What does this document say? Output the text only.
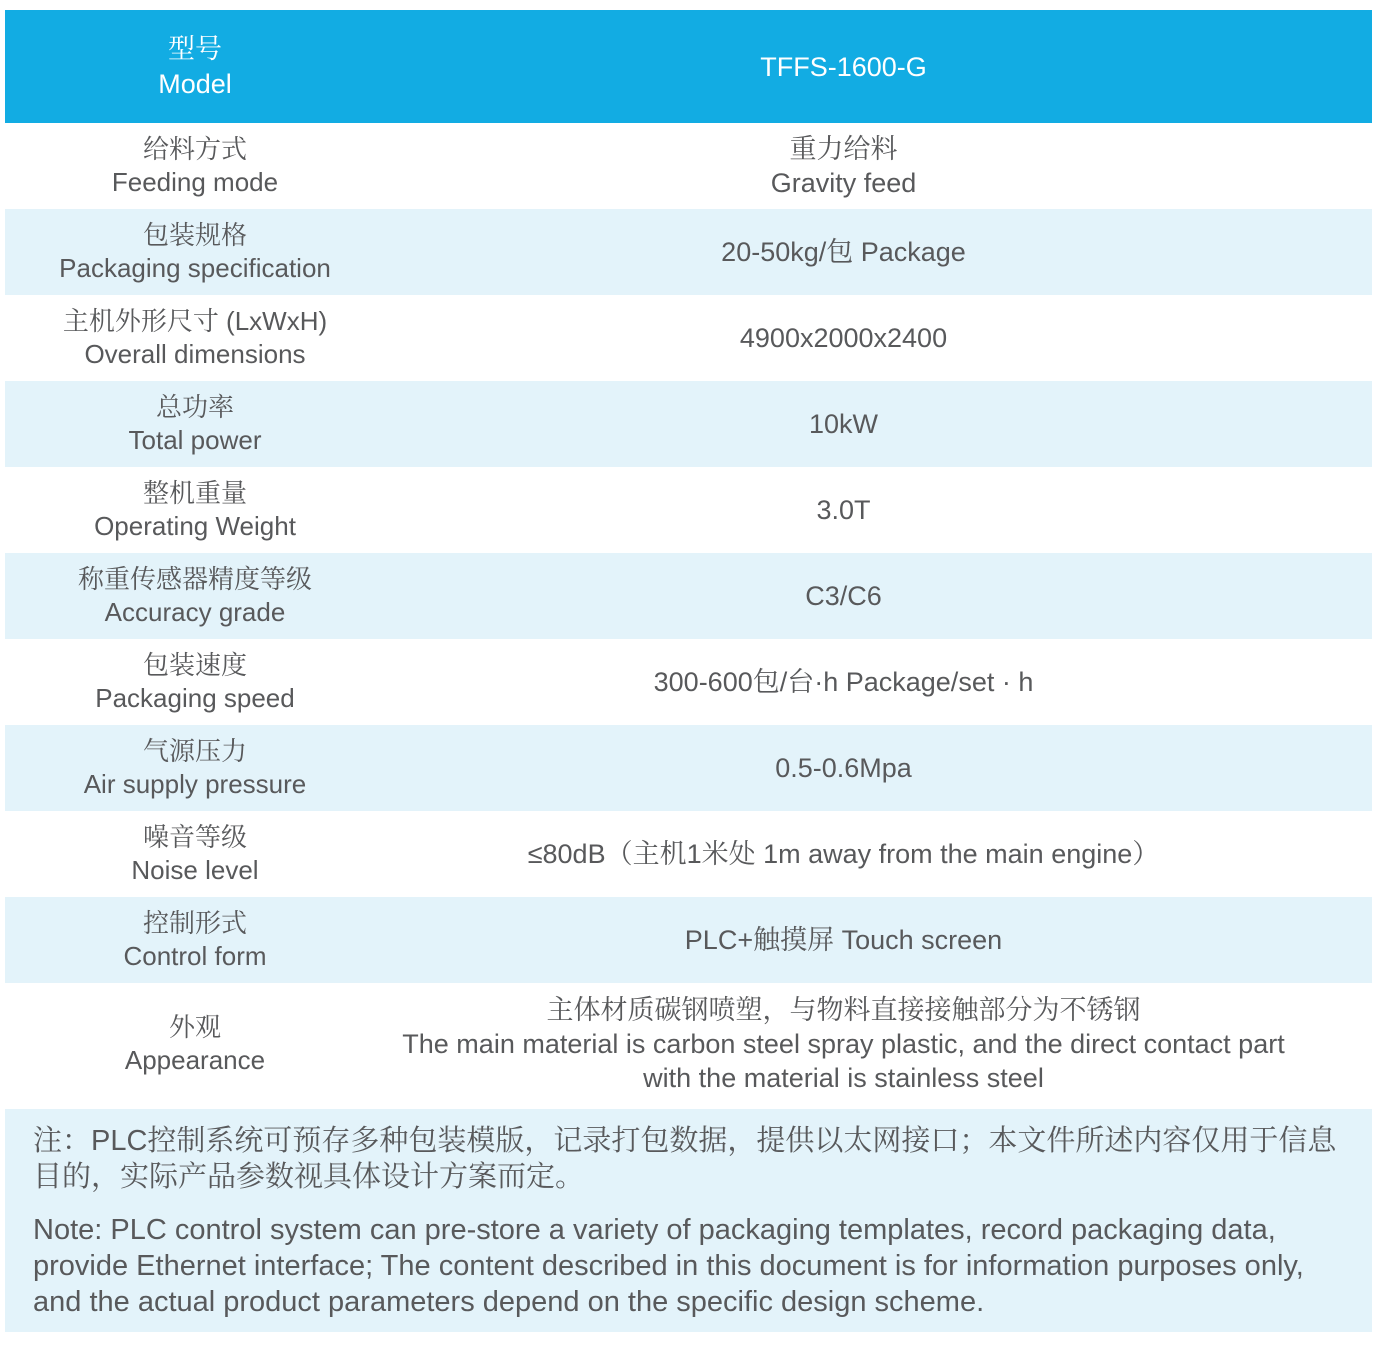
型号
Model
TFFS-1600-G
给料方式
Feeding mode
重力给料
Gravity feed
包装规格
Packaging specification
20-50kg/包 Package
主机外形尺寸 (LxWxH)
Overall dimensions
4900x2000x2400
总功率
Total power
10kW
整机重量
Operating Weight
3.0T
称重传感器精度等级
Accuracy grade
C3/C6
包装速度
Packaging speed
300-600包/台·h Package/set · h
气源压力
Air supply pressure
0.5-0.6Mpa
噪音等级
Noise level
≤80dB（主机1米处 1m away from the main engine）
控制形式
Control form
PLC+触摸屏 Touch screen
外观
Appearance
主体材质碳钢喷塑，与物料直接接触部分为不锈钢
The main material is carbon steel spray plastic, and the direct contact part
with the material is stainless steel
注：PLC控制系统可预存多种包装模版，记录打包数据，提供以太网接口；本文件所述内容仅用于信息目的，实际产品参数视具体设计方案而定。
Note: PLC control system can pre-store a variety of packaging templates, record packaging data, provide Ethernet interface; The content described in this document is for information purposes only, and the actual product parameters depend on the specific design scheme.
